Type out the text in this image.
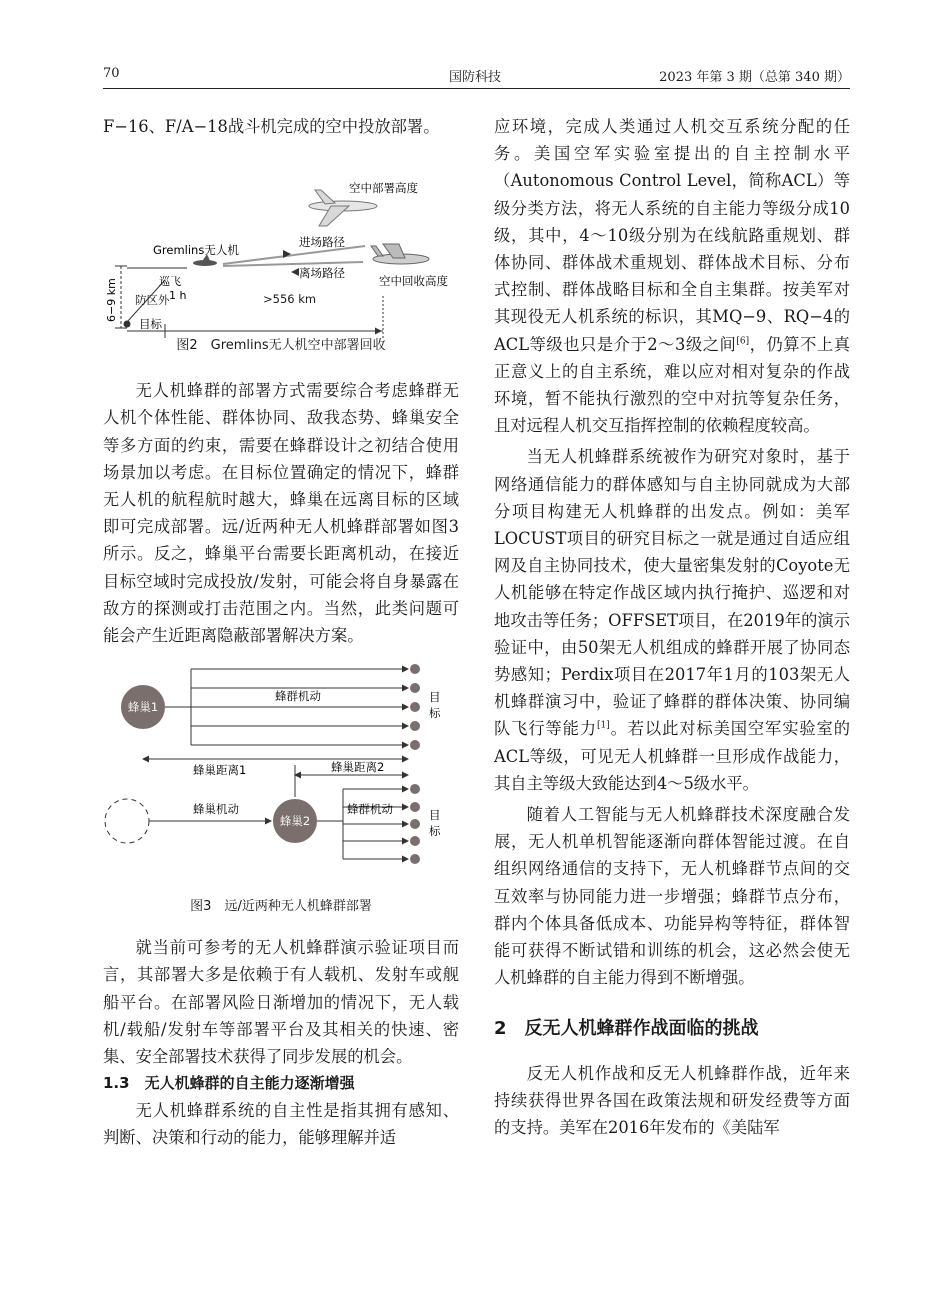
70	国防科技	2023 年第 3 期（总第 340 期）

F−16、F/A−18战斗机完成的空中投放部署。

空中部署高度
Gremlins无人机
进场路径
离场路径
空中回收高度
巡飞
1 h
6−9 km
目标
防区外	>556 km

图2　Gremlins无人机空中部署回收

无人机蜂群的部署方式需要综合考虑蜂群无人机个体性能、群体协同、敌我态势、蜂巢安全等多方面的约束，需要在蜂群设计之初结合使用场景加以考虑。在目标位置确定的情况下，蜂群无人机的航程航时越大，蜂巢在远离目标的区域即可完成部署。远/近两种无人机蜂群部署如图3所示。反之，蜂巢平台需要长距离机动，在接近目标空域时完成投放/发射，可能会将自身暴露在敌方的探测或打击范围之内。当然，此类问题可能会产生近距离隐蔽部署解决方案。

蜂巢1
蜂群机动	目
标
蜂巢距离1	蜂巢距离2
蜂巢机动
蜂巢2
蜂群机动	目
标

图3　远/近两种无人机蜂群部署

就当前可参考的无人机蜂群演示验证项目而言，其部署大多是依赖于有人载机、发射车或舰船平台。在部署风险日渐增加的情况下，无人载机/载船/发射车等部署平台及其相关的快速、密集、安全部署技术获得了同步发展的机会。

1.3　无人机蜂群的自主能力逐渐增强

无人机蜂群系统的自主性是指其拥有感知、判断、决策和行动的能力，能够理解并适

应环境，完成人类通过人机交互系统分配的任务。美国空军实验室提出的自主控制水平（Autonomous Control Level，简称ACL）等级分类方法，将无人系统的自主能力等级分成10级，其中，4～10级分别为在线航路重规划、群体协同、群体战术重规划、群体战术目标、分布式控制、群体战略目标和全自主集群。按美军对其现役无人机系统的标识，其MQ−9、RQ−4的ACL等级也只是介于2～3级之间[6]，仍算不上真正意义上的自主系统，难以应对相对复杂的作战环境，暂不能执行激烈的空中对抗等复杂任务，且对远程人机交互指挥控制的依赖程度较高。

当无人机蜂群系统被作为研究对象时，基于网络通信能力的群体感知与自主协同就成为大部分项目构建无人机蜂群的出发点。例如：美军LOCUST项目的研究目标之一就是通过自适应组网及自主协同技术，使大量密集发射的Coyote无人机能够在特定作战区域内执行掩护、巡逻和对地攻击等任务；OFFSET项目，在2019年的演示验证中，由50架无人机组成的蜂群开展了协同态势感知；Perdix项目在2017年1月的103架无人机蜂群演习中，验证了蜂群的群体决策、协同编队飞行等能力[1]。若以此对标美国空军实验室的ACL等级，可见无人机蜂群一旦形成作战能力，其自主等级大致能达到4～5级水平。

随着人工智能与无人机蜂群技术深度融合发展，无人机单机智能逐渐向群体智能过渡。在自组织网络通信的支持下，无人机蜂群节点间的交互效率与协同能力进一步增强；蜂群节点分布，群内个体具备低成本、功能异构等特征，群体智能可获得不断试错和训练的机会，这必然会使无人机蜂群的自主能力得到不断增强。

2　反无人机蜂群作战面临的挑战

反无人机作战和反无人机蜂群作战，近年来持续获得世界各国在政策法规和研发经费等方面的支持。美军在2016年发布的《美陆军
